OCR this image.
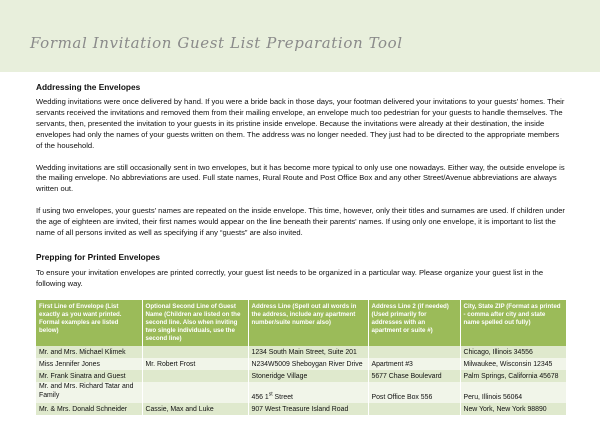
Formal Invitation Guest List Preparation Tool
Addressing the Envelopes

Wedding invitations were once delivered by hand. If you were a bride back in those days, your footman delivered your invitations to your guests' homes. Their servants received the invitations and removed them from their mailing envelope, an envelope much too pedestrian for your guests to handle themselves. The servants, then, presented the invitation to your guests in its pristine inside envelope. Because the invitations were already at their destination, the inside envelopes had only the names of your guests written on them. The address was no longer needed. They just had to be directed to the appropriate members of the household.

Wedding invitations are still occasionally sent in two envelopes, but it has become more typical to only use one nowadays. Either way, the outside envelope is the mailing envelope. No abbreviations are used. Full state names, Rural Route and Post Office Box and any other Street/Avenue abbreviations are always written out.

If using two envelopes, your guests' names are repeated on the inside envelope. This time, however, only their titles and surnames are used. If children under the age of eighteen are invited, their first names would appear on the line beneath their parents' names. If using only one envelope, it is important to list the name of all persons invited as well as specifying if any “guests” are also invited.

Prepping for Printed Envelopes

To ensure your invitation envelopes are printed correctly, your guest list needs to be organized in a particular way. Please organize your guest list in the following way.

First Line of Envelope (List exactly as you want printed. Formal examples are listed below)	Optional Second Line of Guest Name (Children are listed on the second line. Also when inviting two single individuals, use the second line)	Address Line (Spell out all words in the address, include any apartment number/suite number also)	Address Line 2 (if needed) (Used primarily for addresses with an apartment or suite #)	City, State ZIP (Format as printed - comma after city and state name spelled out fully)
Mr. and Mrs. Michael Klimek		1234 South Main Street, Suite 201		Chicago, Illinois 34556
Miss Jennifer Jones	Mr. Robert Frost	N234W5009 Sheboygan River Drive	Apartment #3	Milwaukee, Wisconsin 12345
Mr. Frank Sinatra and Guest		Stoneridge Village	5677 Chase Boulevard	Palm Springs, California 45678
Mr. and Mrs. Richard Tatar and Family		456 1st Street	Post Office Box 556	Peru, Illinois 56064
Mr. & Mrs. Donald Schneider	Cassie, Max and Luke	907 West Treasure Island Road		New York, New York 98890
